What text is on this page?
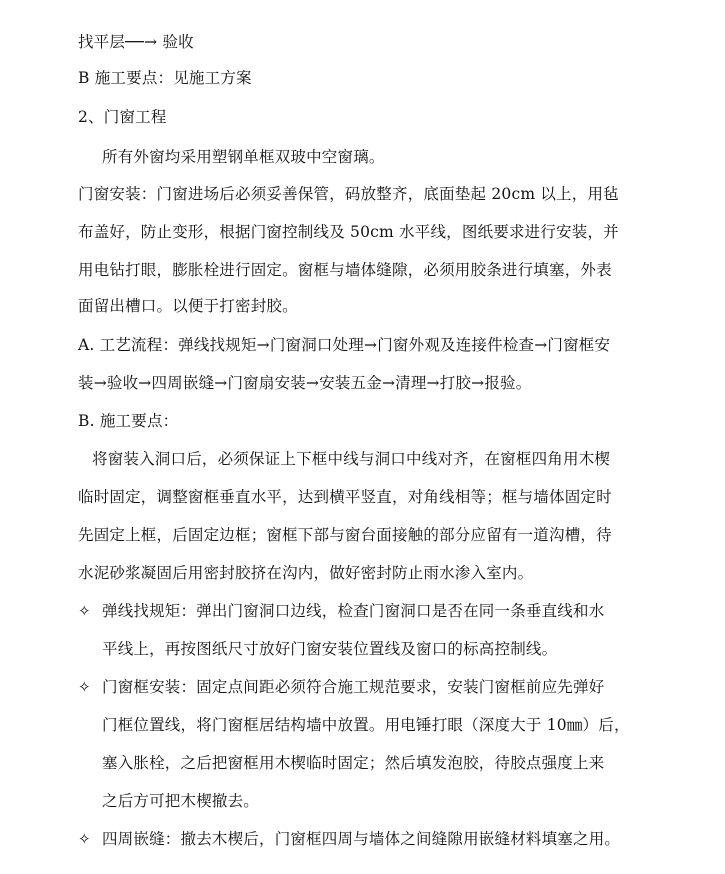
找平层──→ 验收
B 施工要点：见施工方案
2、门窗工程
所有外窗均采用塑钢单框双玻中空窗璃。
门窗安装：门窗进场后必须妥善保管，码放整齐，底面垫起 20cm 以上，用毡
布盖好，防止变形，根据门窗控制线及 50cm 水平线，图纸要求进行安装，并
用电钻打眼，膨胀栓进行固定。窗框与墙体缝隙，必须用胶条进行填塞，外表
面留出槽口。以便于打密封胶。
A. 工艺流程：弹线找规矩→门窗洞口处理→门窗外观及连接件检查→门窗框安
装→验收→四周嵌缝→门窗扇安装→安装五金→清理→打胶→报验。
B. 施工要点：
将窗装入洞口后，必须保证上下框中线与洞口中线对齐，在窗框四角用木楔
临时固定，调整窗框垂直水平，达到横平竖直，对角线相等；框与墙体固定时
先固定上框，后固定边框；窗框下部与窗台面接触的部分应留有一道沟槽，待
水泥砂浆凝固后用密封胶挤在沟内，做好密封防止雨水渗入室内。
✧ 弹线找规矩：弹出门窗洞口边线，检查门窗洞口是否在同一条垂直线和水
平线上，再按图纸尺寸放好门窗安装位置线及窗口的标高控制线。
✧ 门窗框安装：固定点间距必须符合施工规范要求，安装门窗框前应先弹好
门框位置线，将门窗框居结构墙中放置。用电锤打眼（深度大于 10㎜）后，
塞入胀栓，之后把窗框用木楔临时固定；然后填发泡胶，待胶点强度上来
之后方可把木楔撤去。
✧ 四周嵌缝：撤去木楔后，门窗框四周与墙体之间缝隙用嵌缝材料填塞之用。
